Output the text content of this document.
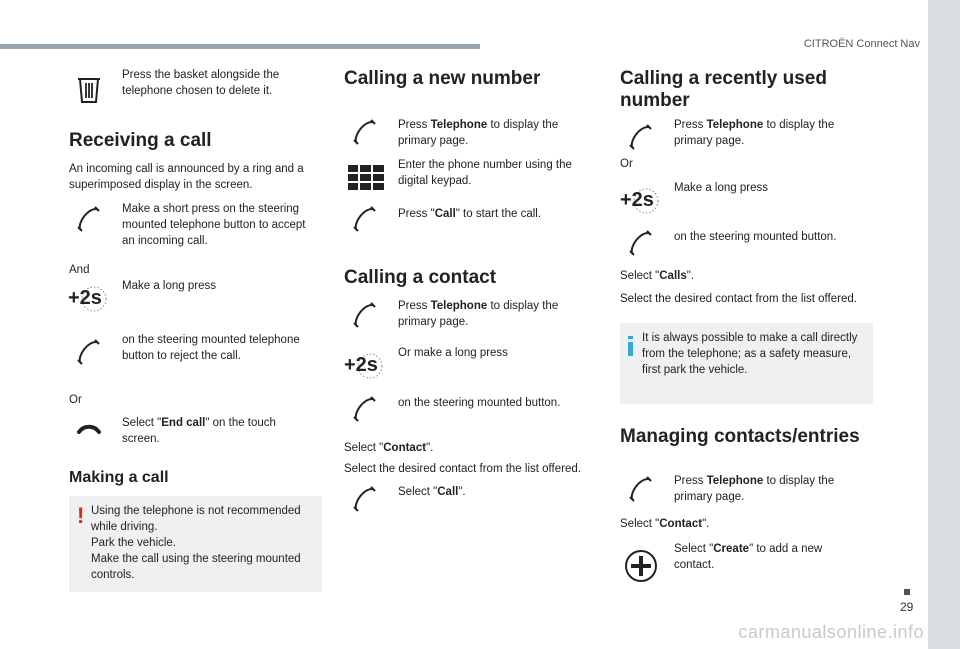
CITROËN Connect Nav
29
carmanualsonline.info
Press the basket alongside the telephone chosen to delete it.
Receiving a call
An incoming call is announced by a ring and a superimposed display in the screen.
Make a short press on the steering mounted telephone button to accept an incoming call.
And
+2s
Make a long press
on the steering mounted telephone button to reject the call.
Or
Select "End call" on the touch screen.
Making a call
! Using the telephone is not recommended while driving.
Park the vehicle.
Make the call using the steering mounted controls.
Calling a new number
Press Telephone to display the primary page.
Enter the phone number using the digital keypad.
Press "Call" to start the call.
Calling a contact
Press Telephone to display the primary page.
+2s
Or make a long press
on the steering mounted button.
Select "Contact".
Select the desired contact from the list offered.
Select "Call".
Calling a recently used
number
Press Telephone to display the primary page.
Or
+2s
Make a long press
on the steering mounted button.
Select "Calls".
Select the desired contact from the list offered.
It is always possible to make a call directly from the telephone; as a safety measure, first park the vehicle.
Managing contacts/entries
Press Telephone to display the primary page.
Select "Contact".
Select "Create" to add a new contact.
